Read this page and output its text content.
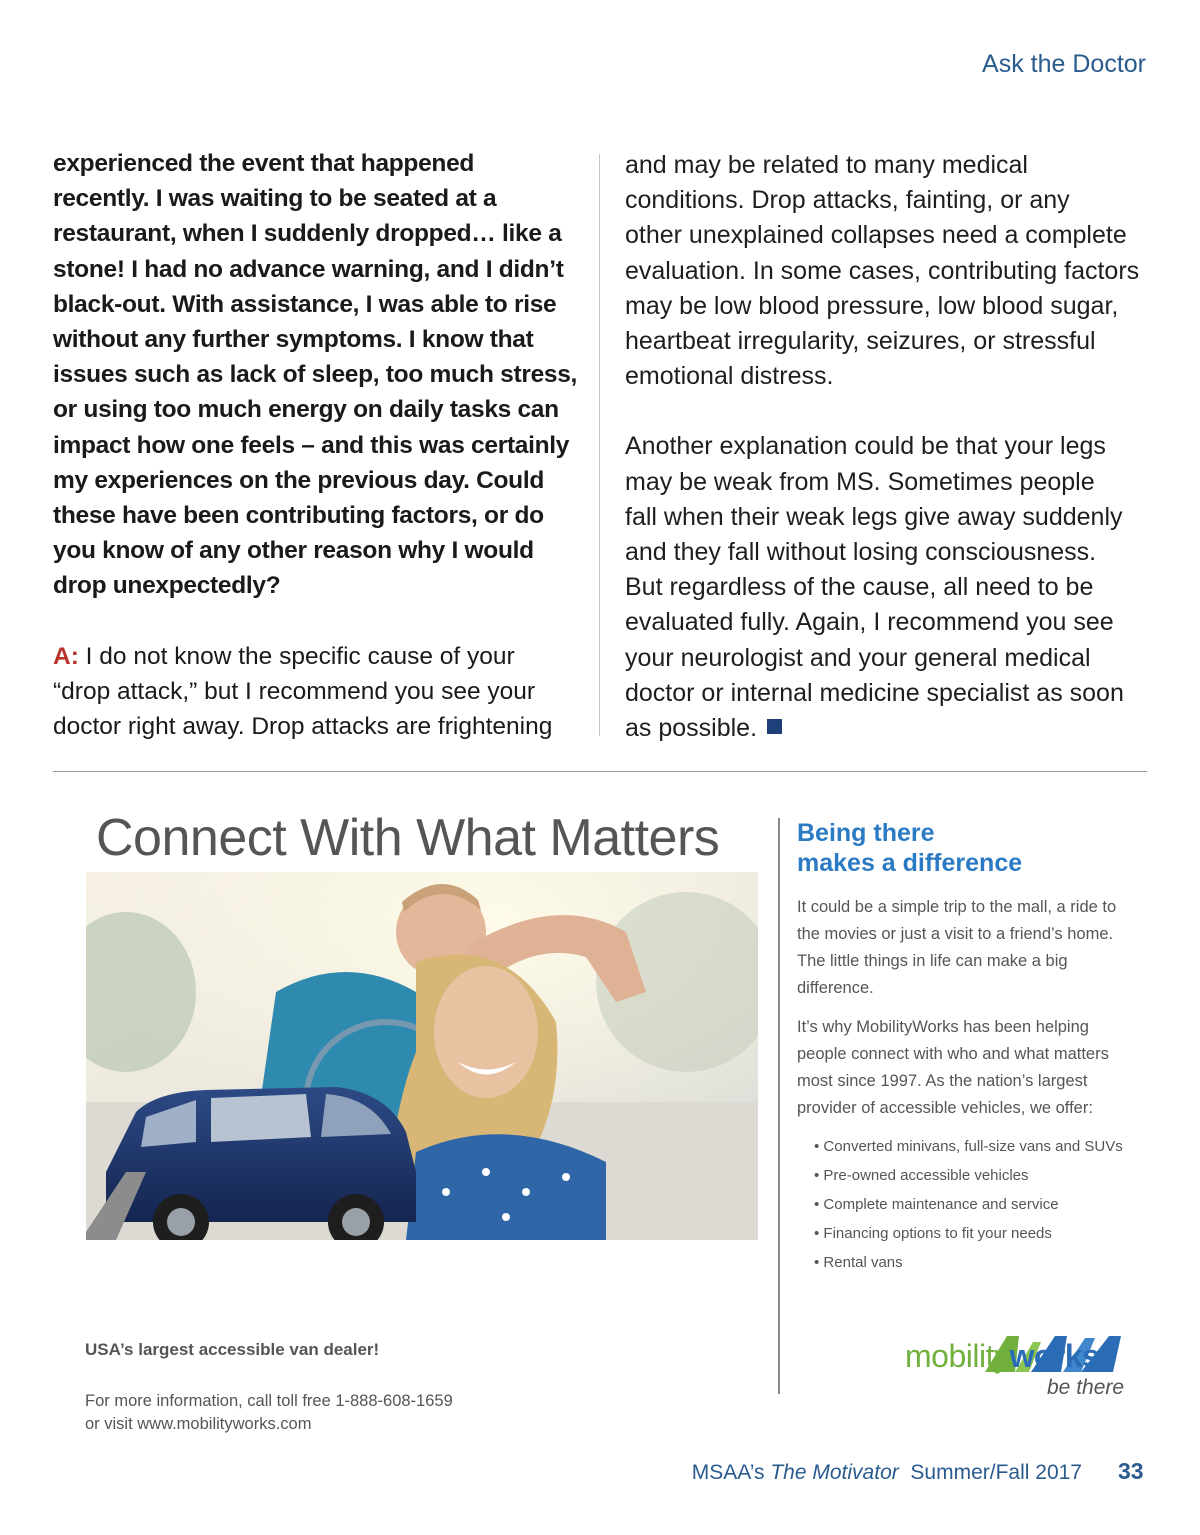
Ask the Doctor
experienced the event that happened
recently. I was waiting to be seated at a
restaurant, when I suddenly dropped… like a
stone! I had no advance warning, and I didn’t
black-out. With assistance, I was able to rise
without any further symptoms. I know that
issues such as lack of sleep, too much stress,
or using too much energy on daily tasks can
impact how one feels – and this was certainly
my experiences on the previous day. Could
these have been contributing factors, or do
you know of any other reason why I would
drop unexpectedly?
A: I do not know the specific cause of your
“drop attack,” but I recommend you see your
doctor right away. Drop attacks are frightening
and may be related to many medical
conditions. Drop attacks, fainting, or any
other unexplained collapses need a complete
evaluation. In some cases, contributing factors
may be low blood pressure, low blood sugar,
heartbeat irregularity, seizures, or stressful
emotional distress.
Another explanation could be that your legs
may be weak from MS. Sometimes people
fall when their weak legs give away suddenly
and they fall without losing consciousness.
But regardless of the cause, all need to be
evaluated fully. Again, I recommend you see
your neurologist and your general medical
doctor or internal medicine specialist as soon
as possible.
Connect With What Matters
USA’s largest accessible van dealer!
For more information, call toll free 1-888-608-1659
or visit www.mobilityworks.com
Being there
makes a difference

It could be a simple trip to the mall, a ride to the movies or just a visit to a friend’s home. The little things in life can make a big difference.

It’s why MobilityWorks has been helping people connect with who and what matters most since 1997. As the nation’s largest provider of accessible vehicles, we offer:

• Converted minivans, full-size vans and SUVs
• Pre-owned accessible vehicles
• Complete maintenance and service
• Financing options to fit your needs
• Rental vans
mobilityworks®
be there
MSAA’s The Motivator Summer/Fall 2017 33
